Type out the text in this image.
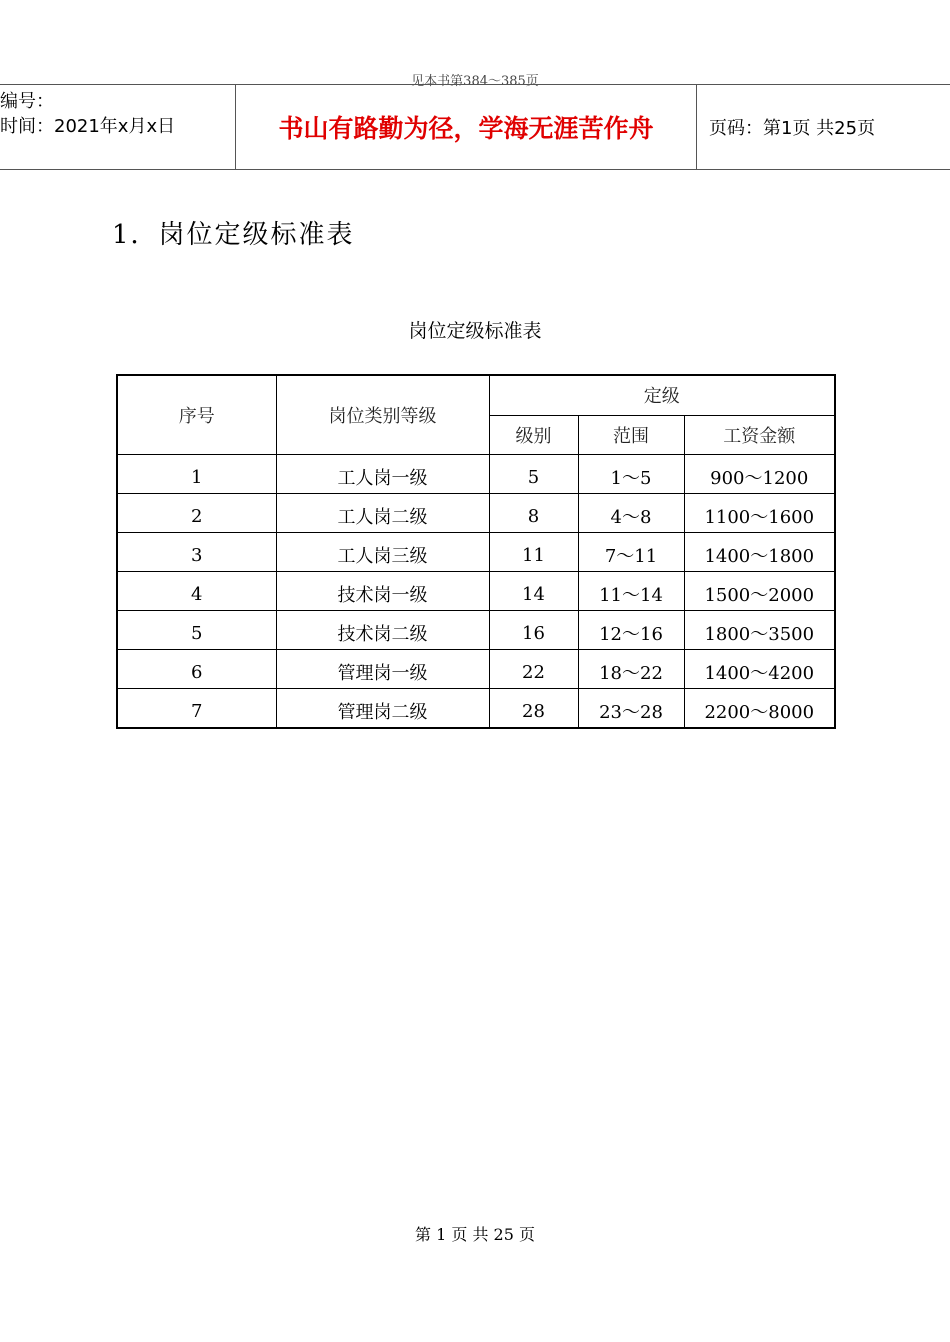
见本书第384～385页
编号：
时间：2021年x月x日	书山有路勤为径，学海无涯苦作舟	页码：第1页 共25页
1．岗位定级标准表
岗位定级标准表
序号	岗位类别等级	定级		
		级别	范围	工资金额
1	工人岗一级	5	1～5	900～1200
2	工人岗二级	8	4～8	1100～1600
3	工人岗三级	11	7～11	1400～1800
4	技术岗一级	14	11～14	1500～2000
5	技术岗二级	16	12～16	1800～3500
6	管理岗一级	22	18～22	1400～4200
7	管理岗二级	28	23～28	2200～8000
第 1 页 共 25 页
